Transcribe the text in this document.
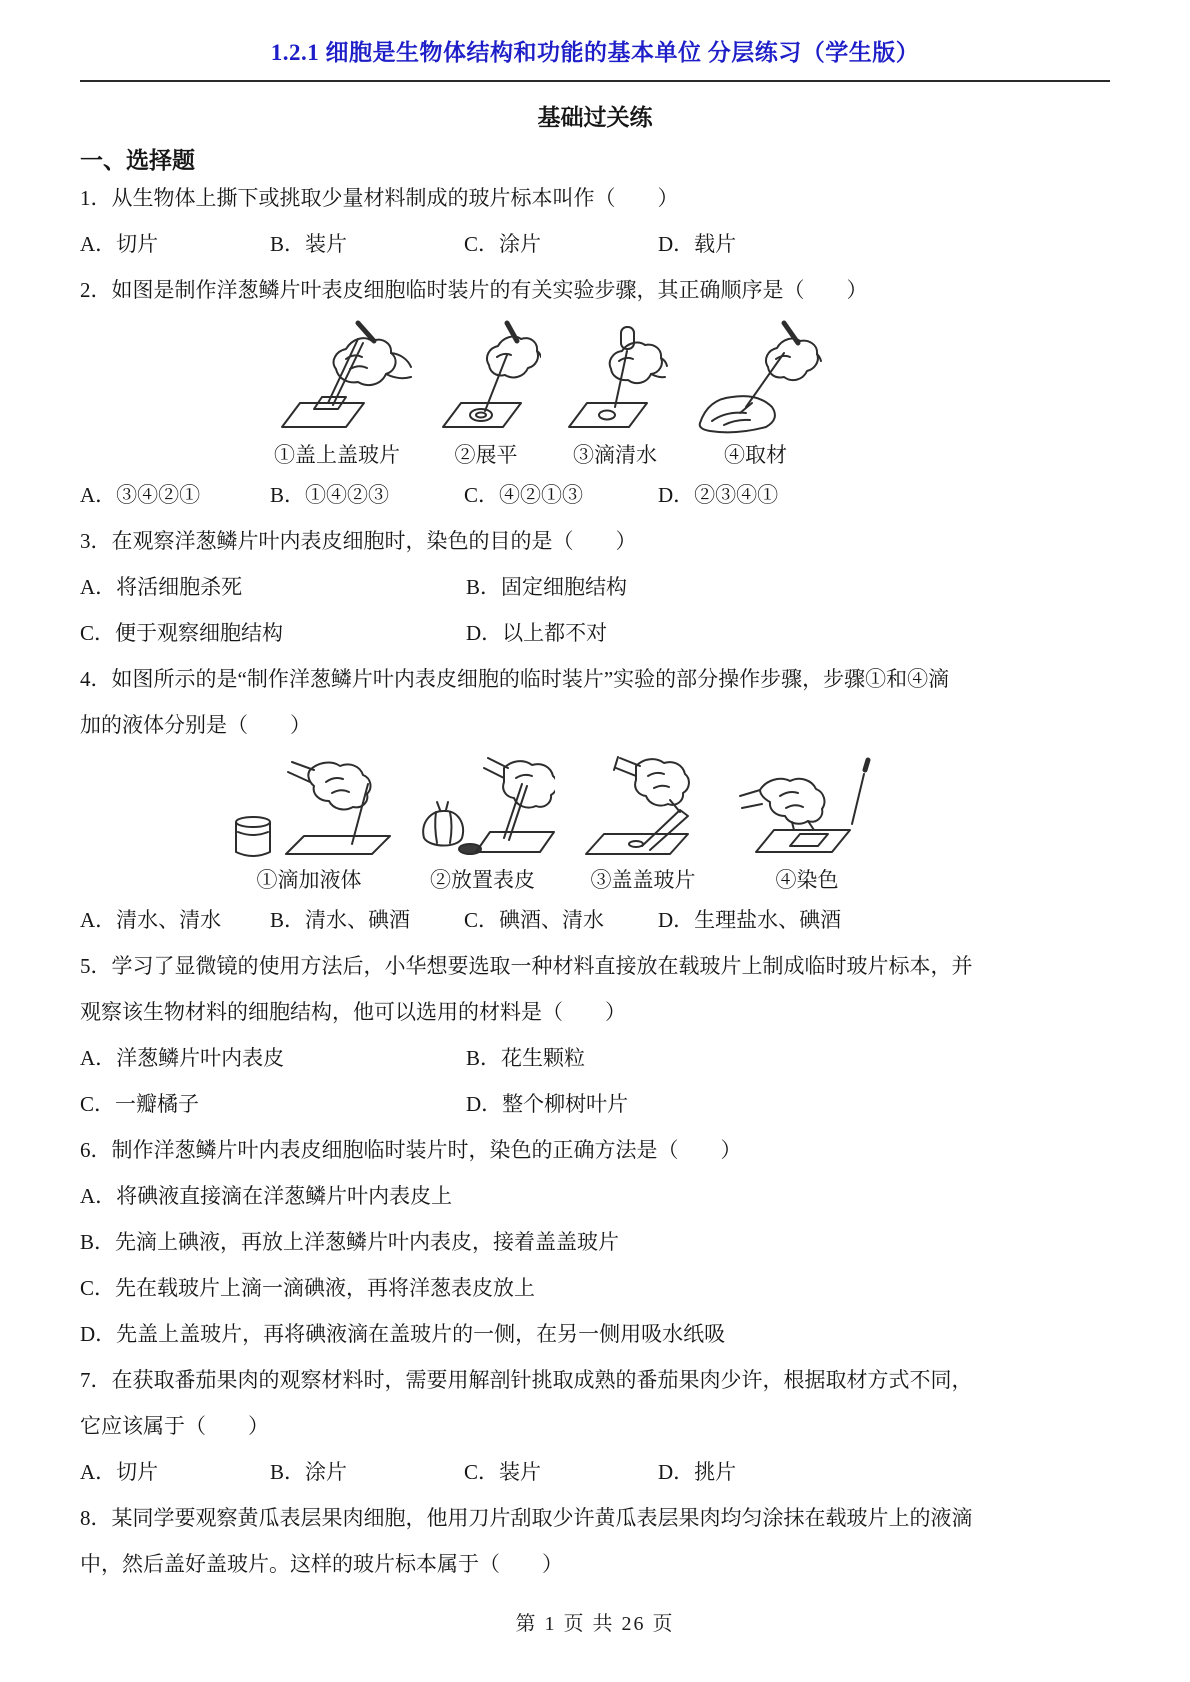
1.2.1 细胞是生物体结构和功能的基本单位 分层练习（学生版）
基础过关练
一、选择题
1．从生物体上撕下或挑取少量材料制成的玻片标本叫作（　　）
A．切片	B．装片	C．涂片	D．载片
2．如图是制作洋葱鳞片叶表皮细胞临时装片的有关实验步骤，其正确顺序是（　　）
①盖上盖玻片	②展平	③滴清水	④取材
A．③④②①	B．①④②③	C．④②①③	D．②③④①
3．在观察洋葱鳞片叶内表皮细胞时，染色的目的是（　　）
A．将活细胞杀死	B．固定细胞结构
C．便于观察细胞结构	D．以上都不对
4．如图所示的是“制作洋葱鳞片叶内表皮细胞的临时装片”实验的部分操作步骤，步骤①和④滴
加的液体分别是（　　）
①滴加液体	②放置表皮	③盖盖玻片	④染色
A．清水、清水 B．清水、碘酒	C．碘酒、清水	D．生理盐水、碘酒
5．学习了显微镜的使用方法后，小华想要选取一种材料直接放在载玻片上制成临时玻片标本，并
观察该生物材料的细胞结构，他可以选用的材料是（　　）
A．洋葱鳞片叶内表皮	B．花生颗粒
C．一瓣橘子	D．整个柳树叶片
6．制作洋葱鳞片叶内表皮细胞临时装片时，染色的正确方法是（　　）
A．将碘液直接滴在洋葱鳞片叶内表皮上
B．先滴上碘液，再放上洋葱鳞片叶内表皮，接着盖盖玻片
C．先在载玻片上滴一滴碘液，再将洋葱表皮放上
D．先盖上盖玻片，再将碘液滴在盖玻片的一侧，在另一侧用吸水纸吸
7．在获取番茄果肉的观察材料时，需要用解剖针挑取成熟的番茄果肉少许，根据取材方式不同，
它应该属于（　　）
A．切片	B．涂片	C．装片	D．挑片
8．某同学要观察黄瓜表层果肉细胞，他用刀片刮取少许黄瓜表层果肉均匀涂抹在载玻片上的液滴
中，然后盖好盖玻片。这样的玻片标本属于（　　）
第 1 页 共 26 页
